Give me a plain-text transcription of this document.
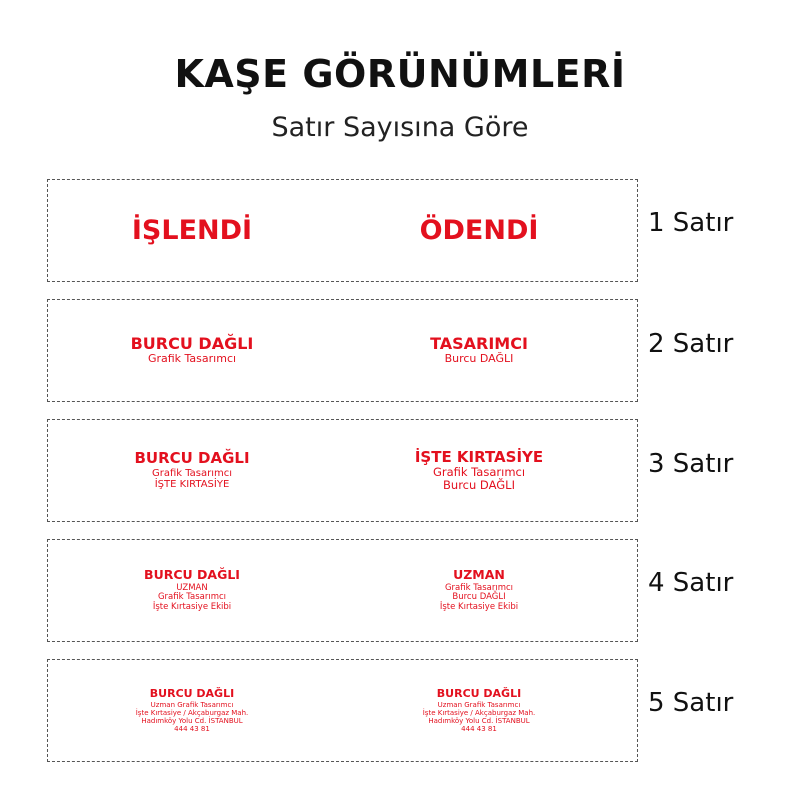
KAŞE GÖRÜNÜMLERİ
Satır Sayısına Göre
İŞLENDİ	ÖDENDİ	1 Satır
BURCU DAĞLI
Grafik Tasarımcı
TASARIMCI
Burcu DAĞLI	2 Satır
BURCU DAĞLI
Grafik Tasarımcı
İŞTE KIRTASİYE
İŞTE KIRTASİYE
Grafik Tasarımcı
Burcu DAĞLI
3 Satır
BURCU DAĞLI
UZMAN
Grafik Tasarımcı
İşte Kırtasiye Ekibi
UZMAN
Grafik Tasarımcı
Burcu DAĞLI
İşte Kırtasiye Ekibi
4 Satır
BURCU DAĞLI
Uzman Grafik Tasarımcı
İşte Kırtasiye / Akçaburgaz Mah.
Hadımköy Yolu Cd. İSTANBUL
444 43 81
BURCU DAĞLI
Uzman Grafik Tasarımcı
İşte Kırtasiye / Akçaburgaz Mah.
Hadımköy Yolu Cd. İSTANBUL
444 43 81
5 Satır
